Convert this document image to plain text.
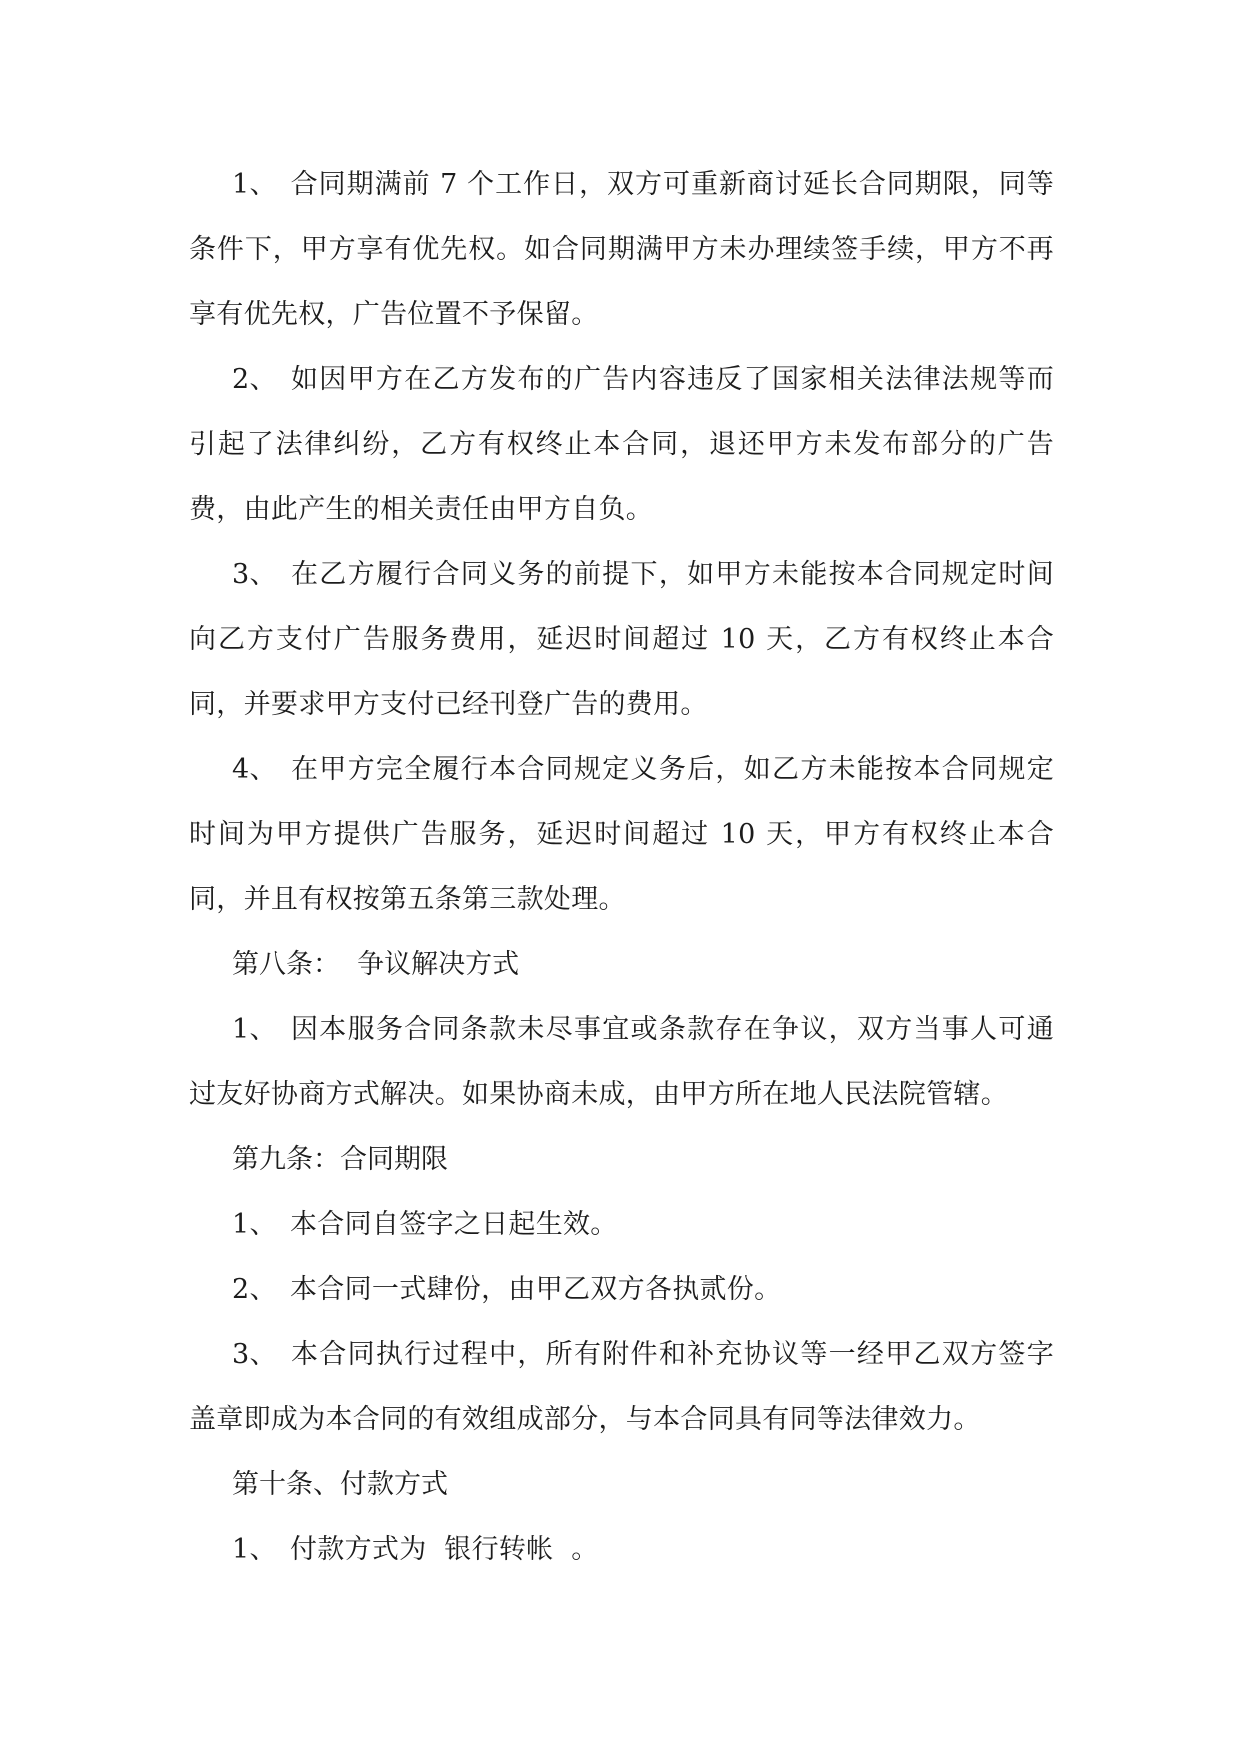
1、 合同期满前 7 个工作日，双方可重新商讨延长合同期限，同等条件下，甲方享有优先权。如合同期满甲方未办理续签手续，甲方不再享有优先权，广告位置不予保留。

2、 如因甲方在乙方发布的广告内容违反了国家相关法律法规等而引起了法律纠纷，乙方有权终止本合同，退还甲方未发布部分的广告费，由此产生的相关责任由甲方自负。

3、 在乙方履行合同义务的前提下，如甲方未能按本合同规定时间向乙方支付广告服务费用，延迟时间超过 10 天，乙方有权终止本合同，并要求甲方支付已经刊登广告的费用。

4、 在甲方完全履行本合同规定义务后，如乙方未能按本合同规定时间为甲方提供广告服务，延迟时间超过 10 天，甲方有权终止本合同，并且有权按第五条第三款处理。

第八条：  争议解决方式

1、 因本服务合同条款未尽事宜或条款存在争议，双方当事人可通过友好协商方式解决。如果协商未成，由甲方所在地人民法院管辖。

第九条：合同期限

1、 本合同自签字之日起生效。

2、 本合同一式肆份，由甲乙双方各执贰份。

3、 本合同执行过程中，所有附件和补充协议等一经甲乙双方签字盖章即成为本合同的有效组成部分，与本合同具有同等法律效力。

第十条、付款方式

1、 付款方式为  银行转帐  。
